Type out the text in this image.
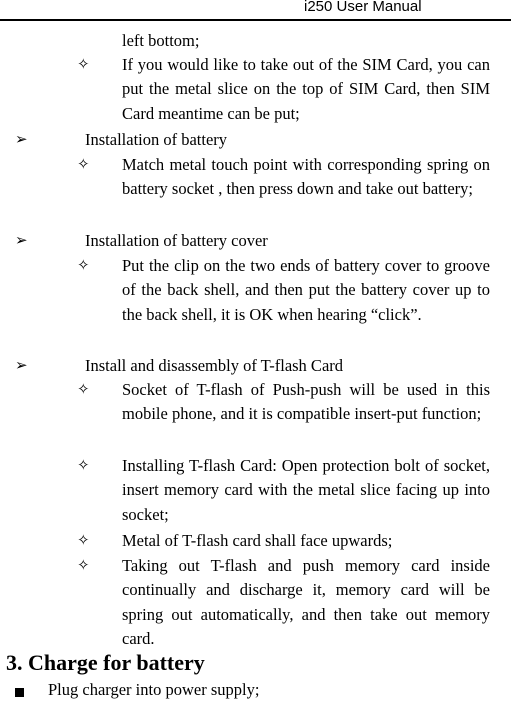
i250 User Manual

left bottom;

✧ If you would like to take out of the SIM Card, you can put the metal slice on the top of SIM Card, then SIM Card meantime can be put;

➢	Installation of battery

✧ Match metal touch point with corresponding spring on battery socket , then press down and take out battery;

➢	Installation of battery cover

✧ Put the clip on the two ends of battery cover to groove of the back shell, and then put the battery cover up to the back shell, it is OK when hearing “click”.

➢	Install and disassembly of T-flash Card

✧ Socket of T-flash of Push-push will be used in this mobile phone, and it is compatible insert-put function;

✧ Installing T-flash Card: Open protection bolt of socket, insert memory card with the metal slice facing up into socket;

✧ Metal of T-flash card shall face upwards;

✧ Taking out T-flash and push memory card inside continually and discharge it, memory card will be spring out automatically, and then take out memory card.

3. Charge for battery

Plug charger into power supply;
